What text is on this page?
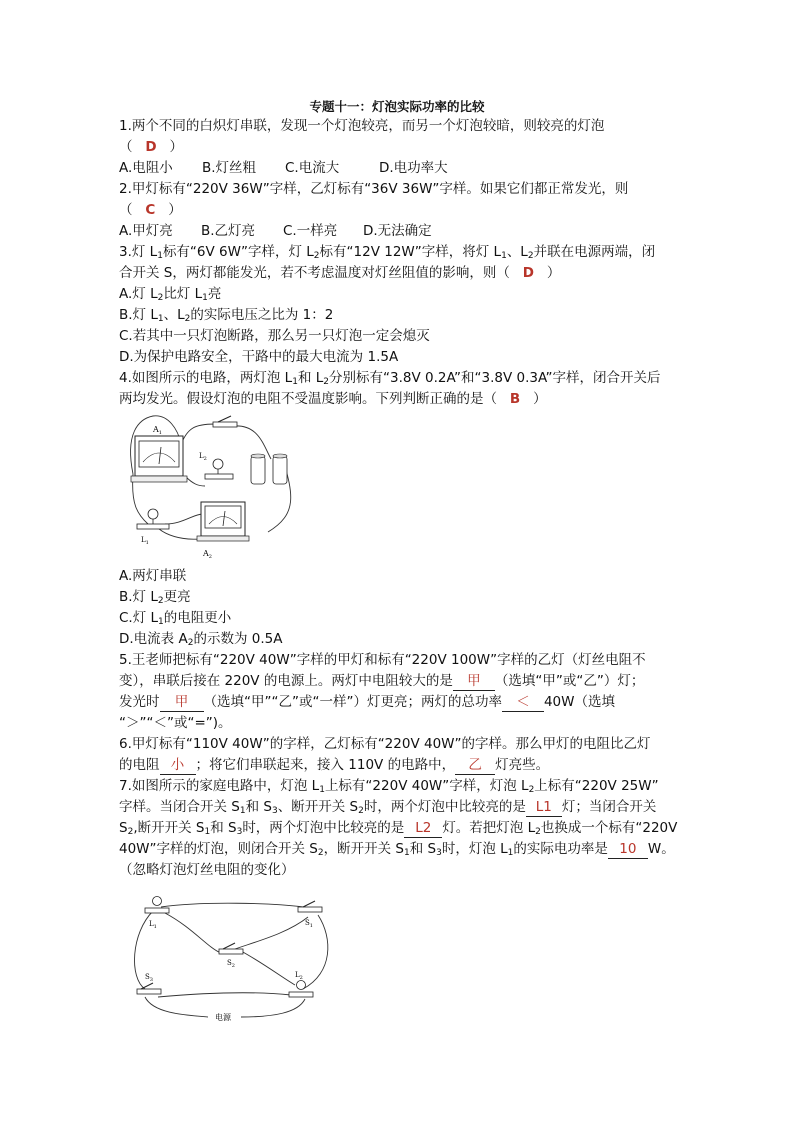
专题十一：灯泡实际功率的比较
1.两个不同的白炽灯串联，发现一个灯泡较亮，而另一个灯泡较暗，则较亮的灯泡
（   D   ）
A.电阻小 B.灯丝粗 C.电流大	D.电功率大
2.甲灯标有“220V 36W”字样，乙灯标有“36V 36W”字样。如果它们都正常发光，则
（   C   ）
A.甲灯亮 B.乙灯亮 C.一样亮 D.无法确定
3.灯 $L_1$标有“6V 6W”字样，灯 $L_2$标有“12V 12W”字样，将灯 $L_1$、$L_2$并联在电源两端，闭
合开关 S，两灯都能发光，若不考虑温度对灯丝阻值的影响，则（   D   ）
A.灯 $L_2$比灯 $L_1$亮
B.灯 $L_1$、$L_2$的实际电压之比为 1：2
C.若其中一只灯泡断路，那么另一只灯泡一定会熄灭
D.为保护电路安全，干路中的最大电流为 1.5A
4.如图所示的电路，两灯泡 $L_1$和 $L_2$分别标有“3.8V 0.2A”和“3.8V 0.3A”字样，闭合开关后
两均发光。假设灯泡的电阻不受温度影响。下列判断正确的是（   B   ）
$A_1$
$L_2$
$L_1$
$A_2$
A.两灯串联
B.灯 $L_2$更亮
C.灯 $L_1$的电阻更小
D.电流表 $A_2$的示数为 0.5A
5.王老师把标有“220V 40W”字样的甲灯和标有“220V 100W”字样的乙灯（灯丝电阻不
变），串联后接在 220V 的电源上。两灯中电阻较大的是 甲 （选填“甲”或“乙”）灯；
发光时 甲 （选填“甲”“乙”或“一样”）灯更亮；两灯的总功率 ＜ 40W（选填
“＞”“＜”或“=”)。
6.甲灯标有“110V 40W”的字样，乙灯标有“220V 40W”的字样。那么甲灯的电阻比乙灯
的电阻 小 ；将它们串联起来，接入 110V 的电路中， 乙 灯亮些。
7.如图所示的家庭电路中，灯泡 $L_1$上标有“220V 40W”字样，灯泡 $L_2$上标有“220V 25W”
字样。当闭合开关 $S_1$和 $S_3$、断开开关 $S_2$时，两个灯泡中比较亮的是 L1 灯；当闭合开关
$S_2$,断开开关 $S_1$和 $S_3$时，两个灯泡中比较亮的是 L2 灯。若把灯泡 $L_2$也换成一个标有“220V
40W”字样的灯泡，则闭合开关 $S_2$，断开开关 $S_1$和 $S_3$时，灯泡 $L_1$的实际电功率是 10 W。
（忽略灯泡灯丝电阻的变化）
$L_1$	$S_1$
$S_2$
$S_3$
$L_2$
电源
